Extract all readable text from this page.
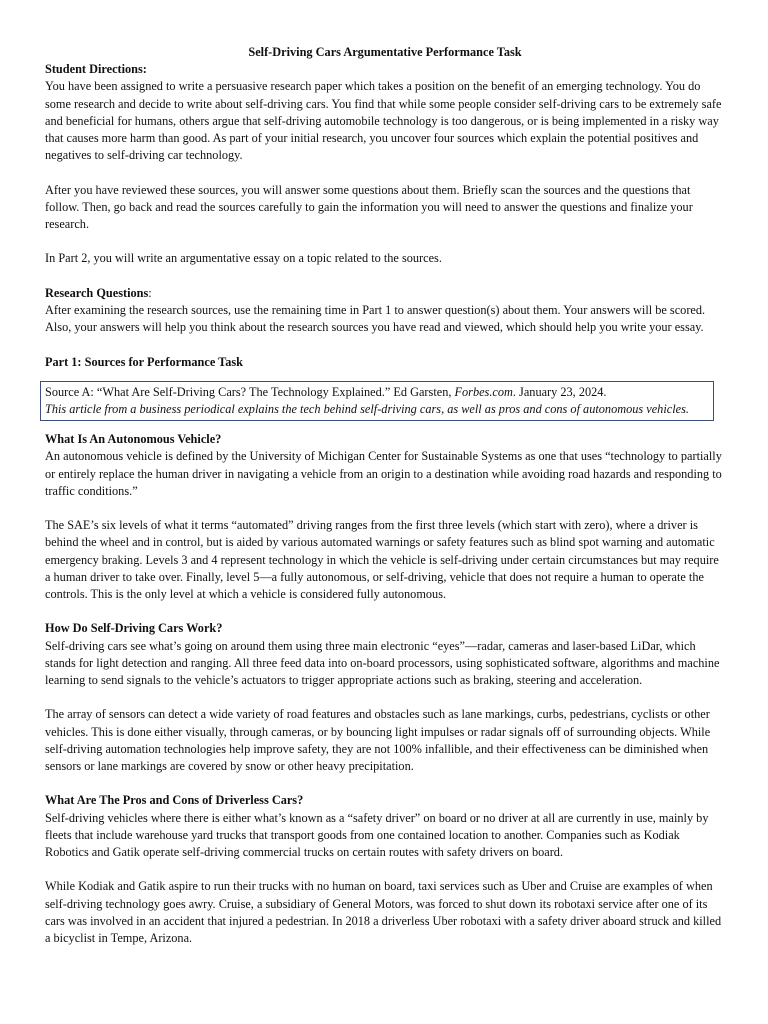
Self-Driving Cars Argumentative Performance Task

Student Directions:

You have been assigned to write a persuasive research paper which takes a position on the benefit of an emerging technology. You do some research and decide to write about self-driving cars. You find that while some people consider self-driving cars to be extremely safe and beneficial for humans, others argue that self-driving automobile technology is too dangerous, or is being implemented in a risky way that causes more harm than good. As part of your initial research, you uncover four sources which explain the potential positives and negatives to self-driving car technology.

After you have reviewed these sources, you will answer some questions about them. Briefly scan the sources and the questions that follow. Then, go back and read the sources carefully to gain the information you will need to answer the questions and finalize your research.

In Part 2, you will write an argumentative essay on a topic related to the sources.

Research Questions:

After examining the research sources, use the remaining time in Part 1 to answer question(s) about them. Your answers will be scored. Also, your answers will help you think about the research sources you have read and viewed, which should help you write your essay.

Part 1: Sources for Performance Task

Source A: “What Are Self-Driving Cars? The Technology Explained.” Ed Garsten, Forbes.com. January 23, 2024.

This article from a business periodical explains the tech behind self-driving cars, as well as pros and cons of autonomous vehicles.

What Is An Autonomous Vehicle?

An autonomous vehicle is defined by the University of Michigan Center for Sustainable Systems as one that uses “technology to partially or entirely replace the human driver in navigating a vehicle from an origin to a destination while avoiding road hazards and responding to traffic conditions.”

The SAE’s six levels of what it terms “automated” driving ranges from the first three levels (which start with zero), where a driver is behind the wheel and in control, but is aided by various automated warnings or safety features such as blind spot warning and automatic emergency braking. Levels 3 and 4 represent technology in which the vehicle is self-driving under certain circumstances but may require a human driver to take over. Finally, level 5—a fully autonomous, or self-driving, vehicle that does not require a human to operate the controls. This is the only level at which a vehicle is considered fully autonomous.

How Do Self-Driving Cars Work?

Self-driving cars see what’s going on around them using three main electronic “eyes”—radar, cameras and laser-based LiDar, which stands for light detection and ranging. All three feed data into on-board processors, using sophisticated software, algorithms and machine learning to send signals to the vehicle’s actuators to trigger appropriate actions such as braking, steering and acceleration.

The array of sensors can detect a wide variety of road features and obstacles such as lane markings, curbs, pedestrians, cyclists or other vehicles. This is done either visually, through cameras, or by bouncing light impulses or radar signals off of surrounding objects. While self-driving automation technologies help improve safety, they are not 100% infallible, and their effectiveness can be diminished when sensors or lane markings are covered by snow or other heavy precipitation.

What Are The Pros and Cons of Driverless Cars?

Self-driving vehicles where there is either what’s known as a “safety driver” on board or no driver at all are currently in use, mainly by fleets that include warehouse yard trucks that transport goods from one contained location to another. Companies such as Kodiak Robotics and Gatik operate self-driving commercial trucks on certain routes with safety drivers on board.

While Kodiak and Gatik aspire to run their trucks with no human on board, taxi services such as Uber and Cruise are examples of when self-driving technology goes awry. Cruise, a subsidiary of General Motors, was forced to shut down its robotaxi service after one of its cars was involved in an accident that injured a pedestrian. In 2018 a driverless Uber robotaxi with a safety driver aboard struck and killed a bicyclist in Tempe, Arizona.
